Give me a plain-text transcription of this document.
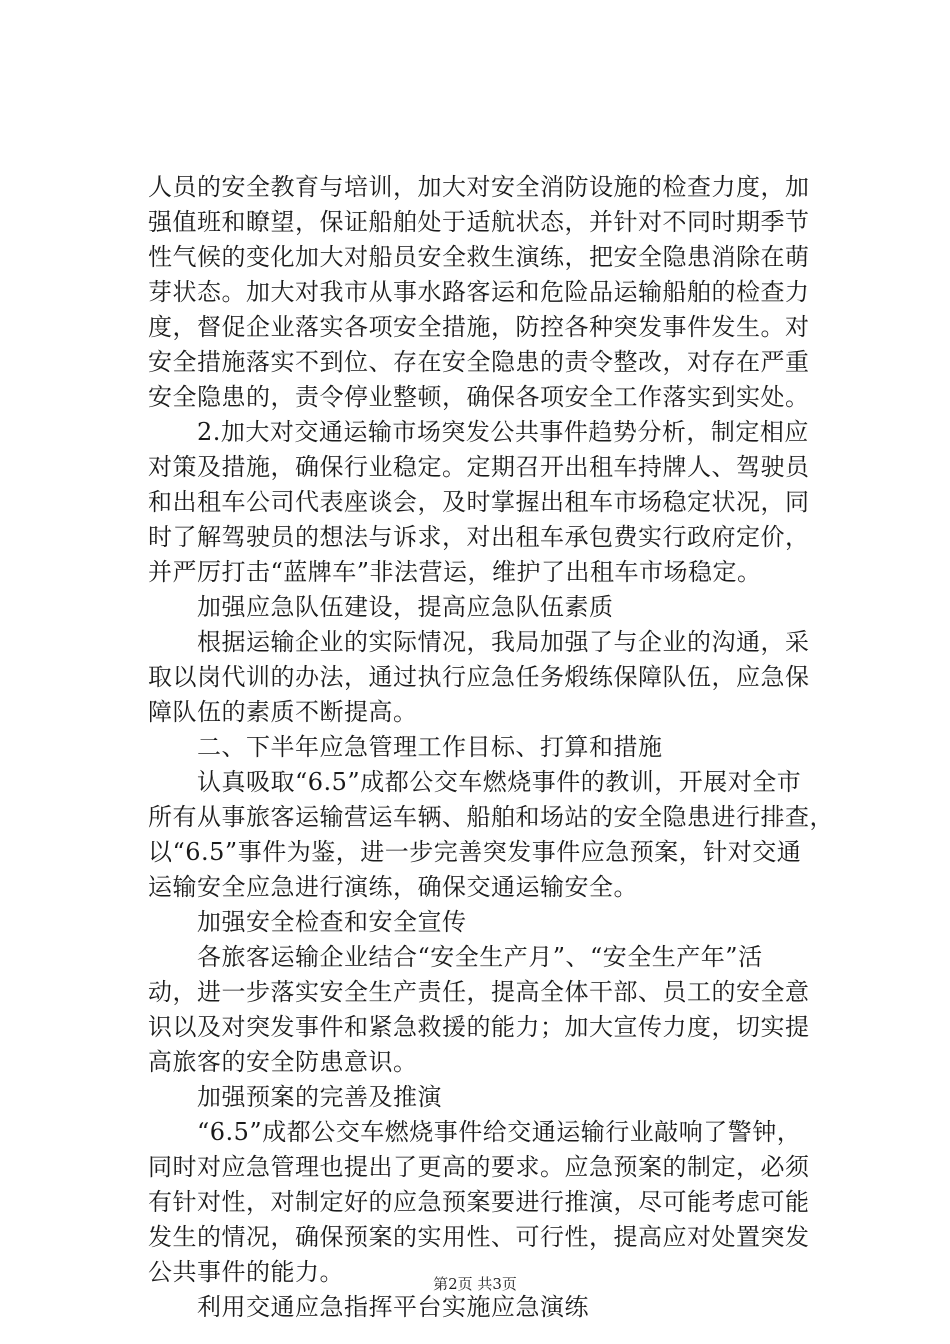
人员的安全教育与培训，加大对安全消防设施的检查力度，加
强值班和瞭望，保证船舶处于适航状态，并针对不同时期季节
性气候的变化加大对船员安全救生演练，把安全隐患消除在萌
芽状态。加大对我市从事水路客运和危险品运输船舶的检查力
度，督促企业落实各项安全措施，防控各种突发事件发生。对
安全措施落实不到位、存在安全隐患的责令整改，对存在严重
安全隐患的，责令停业整顿，确保各项安全工作落实到实处。
　　2.加大对交通运输市场突发公共事件趋势分析，制定相应
对策及措施，确保行业稳定。定期召开出租车持牌人、驾驶员
和出租车公司代表座谈会，及时掌握出租车市场稳定状况，同
时了解驾驶员的想法与诉求，对出租车承包费实行政府定价，
并严厉打击“蓝牌车”非法营运，维护了出租车市场稳定。
　　加强应急队伍建设，提高应急队伍素质
　　根据运输企业的实际情况，我局加强了与企业的沟通，采
取以岗代训的办法，通过执行应急任务煅练保障队伍，应急保
障队伍的素质不断提高。
　　二、下半年应急管理工作目标、打算和措施
　　认真吸取“6.5”成都公交车燃烧事件的教训，开展对全市
所有从事旅客运输营运车辆、船舶和场站的安全隐患进行排查，
以“6.5”事件为鉴，进一步完善突发事件应急预案，针对交通
运输安全应急进行演练，确保交通运输安全。
　　加强安全检查和安全宣传
　　各旅客运输企业结合“安全生产月”、“安全生产年”活
动，进一步落实安全生产责任，提高全体干部、员工的安全意
识以及对突发事件和紧急救援的能力；加大宣传力度，切实提
高旅客的安全防患意识。
　　加强预案的完善及推演
　　“6.5”成都公交车燃烧事件给交通运输行业敲响了警钟，
同时对应急管理也提出了更高的要求。应急预案的制定，必须
有针对性，对制定好的应急预案要进行推演，尽可能考虑可能
发生的情况，确保预案的实用性、可行性，提高应对处置突发
公共事件的能力。
　　利用交通应急指挥平台实施应急演练
第2页 共3页
